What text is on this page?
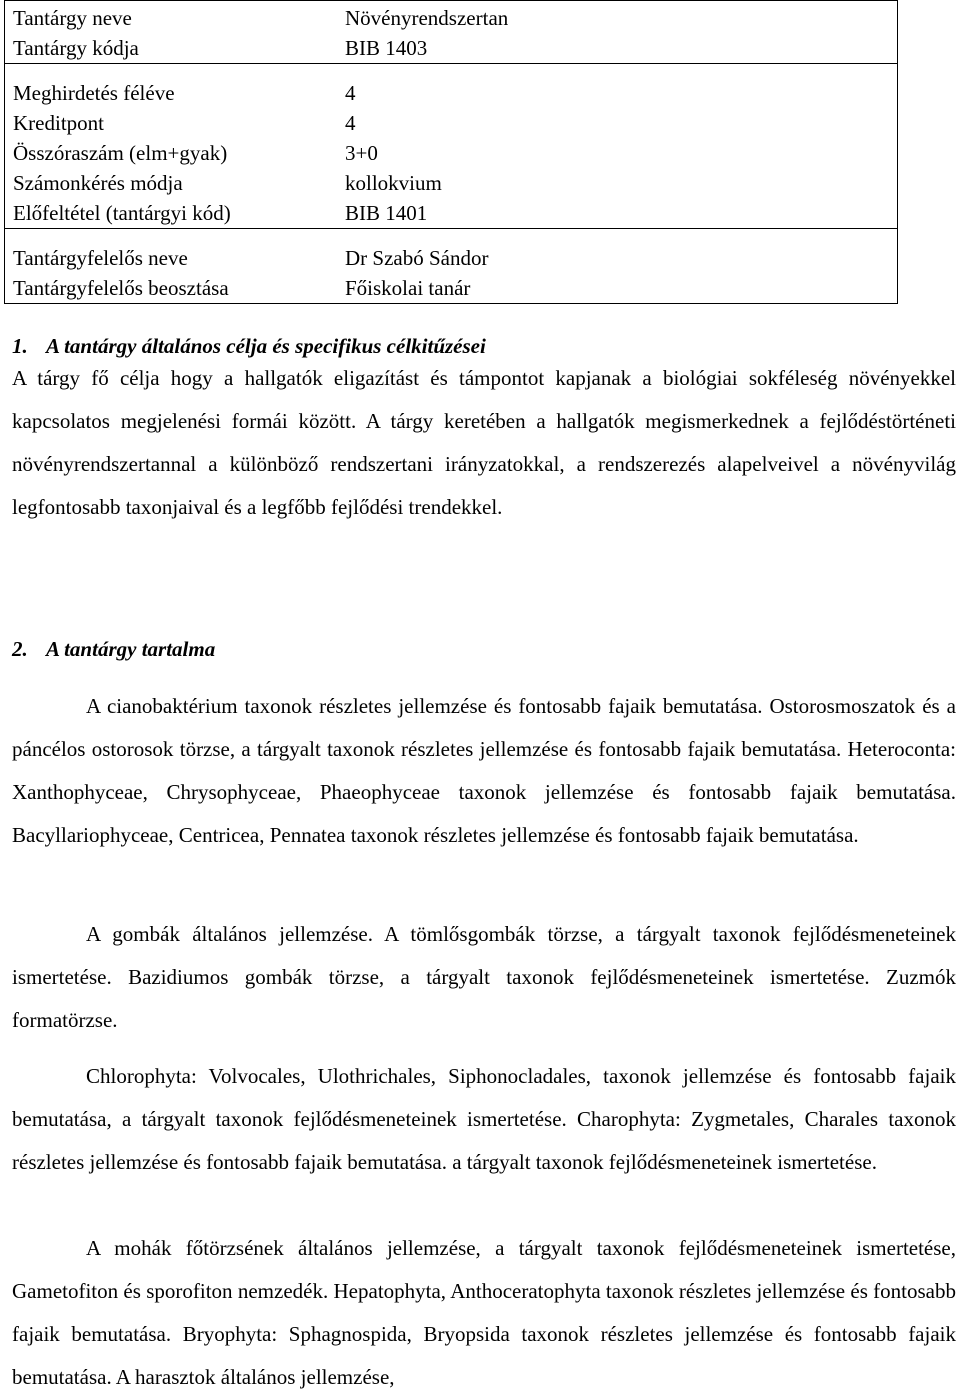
Tantárgy neve	Növényrendszertan
Tantárgy kódja	BIB 1403
Meghirdetés féléve	4
Kreditpont	4
Összóraszám (elm+gyak)	3+0
Számonkérés módja	kollokvium
Előfeltétel (tantárgyi kód)	BIB 1401
Tantárgyfelelős neve	Dr Szabó Sándor
Tantárgyfelelős beosztása	Főiskolai tanár
1. A tantárgy általános célja és specifikus célkitűzései
A tárgy fő célja hogy a hallgatók eligazítást és támpontot kapjanak a biológiai sokféleség növényekkel kapcsolatos megjelenési formái között. A tárgy keretében a hallgatók megismerkednek a fejlődéstörténeti növényrendszertannal a különböző rendszertani irányzatokkal, a rendszerezés alapelveivel a növényvilág legfontosabb taxonjaival és a legfőbb fejlődési trendekkel.
2. A tantárgy tartalma
A cianobaktérium taxonok részletes jellemzése és fontosabb fajaik bemutatása. Ostorosmoszatok és a páncélos ostorosok törzse, a tárgyalt taxonok részletes jellemzése és fontosabb fajaik bemutatása. Heteroconta: Xanthophyceae, Chrysophyceae, Phaeophyceae taxonok jellemzése és fontosabb fajaik bemutatása. Bacyllariophyceae, Centricea, Pennatea taxonok részletes jellemzése és fontosabb fajaik bemutatása.
A gombák általános jellemzése. A tömlősgombák törzse, a tárgyalt taxonok fejlődésmeneteinek ismertetése. Bazidiumos gombák törzse, a tárgyalt taxonok fejlődésmeneteinek ismertetése. Zuzmók formatörzse.
Chlorophyta: Volvocales, Ulothrichales, Siphonocladales, taxonok jellemzése és fontosabb fajaik bemutatása, a tárgyalt taxonok fejlődésmeneteinek ismertetése. Charophyta: Zygmetales, Charales taxonok részletes jellemzése és fontosabb fajaik bemutatása. a tárgyalt taxonok fejlődésmeneteinek ismertetése.
A mohák főtörzsének általános jellemzése, a tárgyalt taxonok fejlődésmeneteinek ismertetése, Gametofiton és sporofiton nemzedék. Hepatophyta, Anthoceratophyta taxonok részletes jellemzése és fontosabb fajaik bemutatása. Bryophyta: Sphagnospida, Bryopsida taxonok részletes jellemzése és fontosabb fajaik bemutatása. A harasztok általános jellemzése,
